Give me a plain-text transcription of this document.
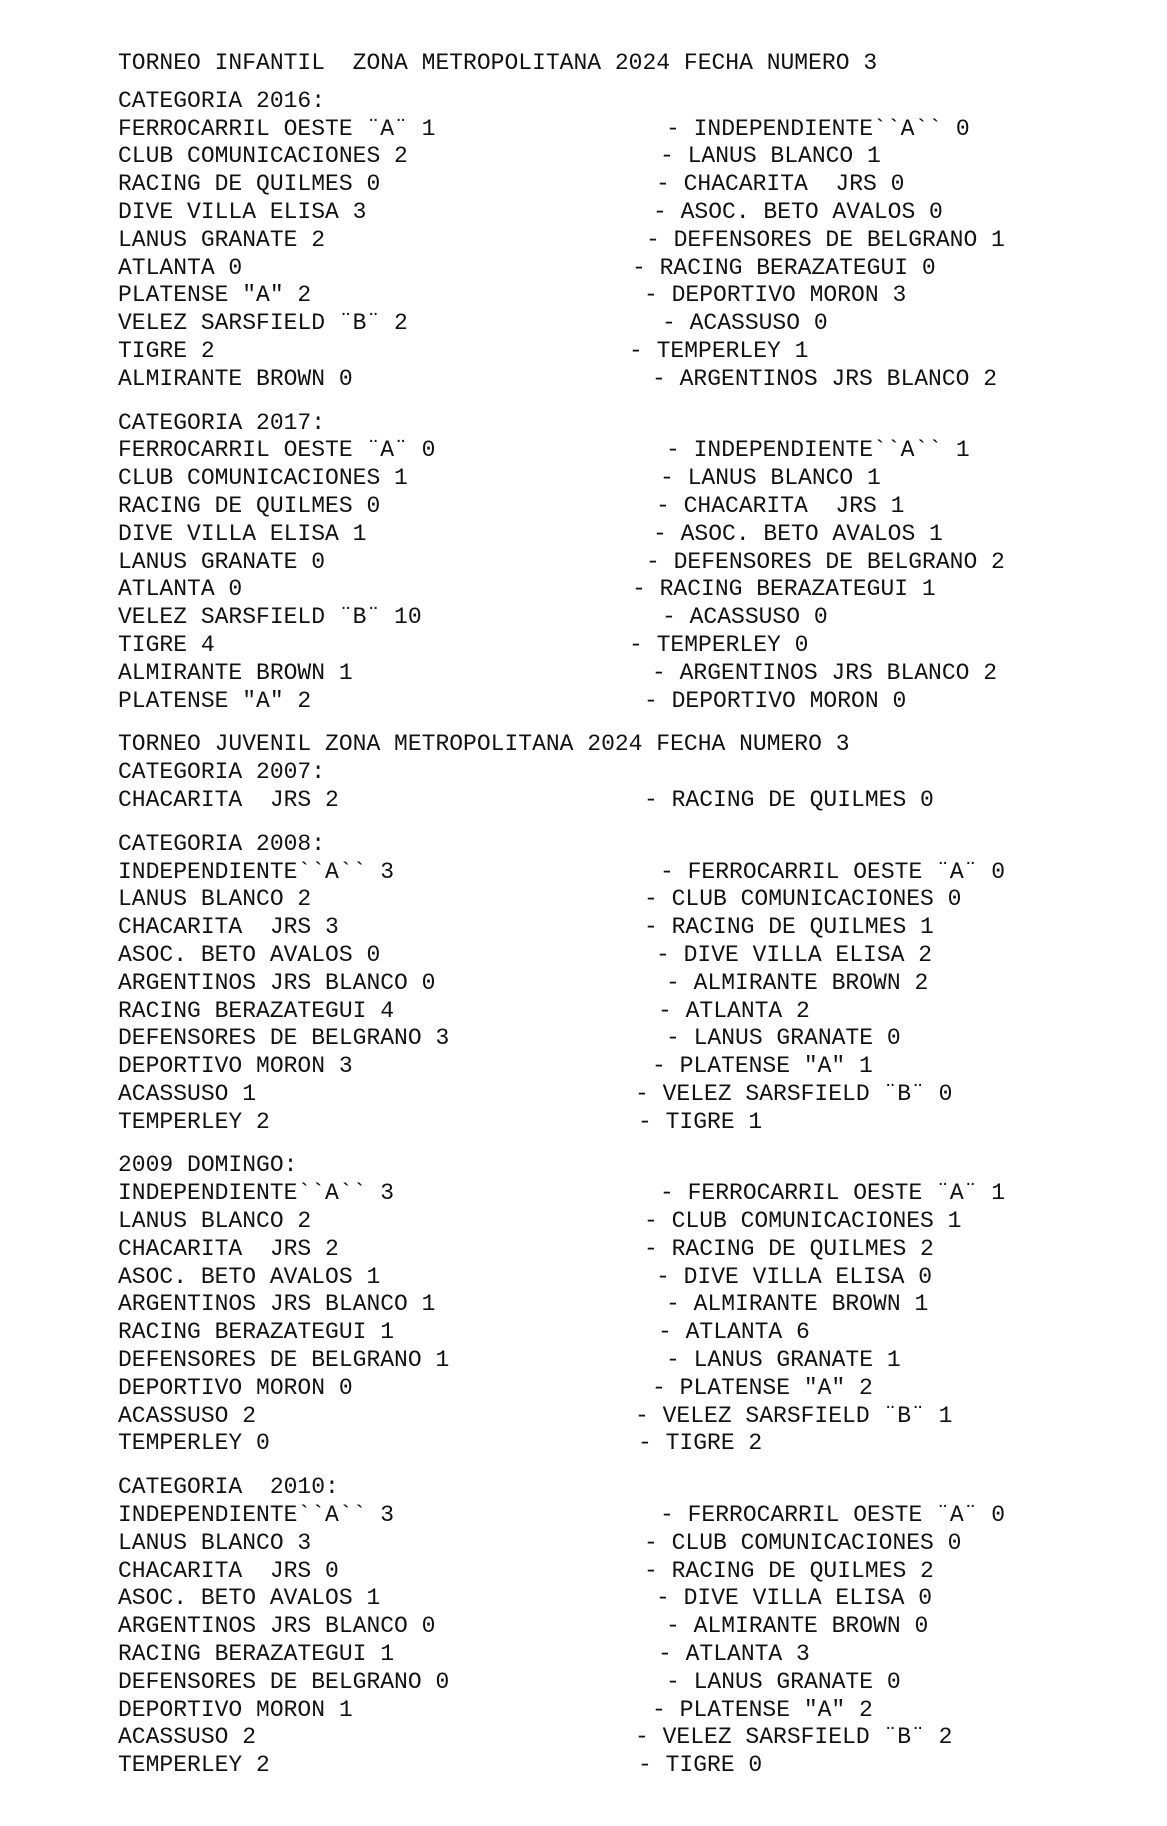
TORNEO INFANTIL  ZONA METROPOLITANA 2024 FECHA NUMERO 3
CATEGORIA 2016:
FERROCARRIL OESTE ¨A¨ 1	- INDEPENDIENTE``A`` 0
CLUB COMUNICACIONES 2	- LANUS BLANCO 1
RACING DE QUILMES 0	- CHACARITA  JRS 0
DIVE VILLA ELISA 3	- ASOC. BETO AVALOS 0
LANUS GRANATE 2	- DEFENSORES DE BELGRANO 1
ATLANTA 0	- RACING BERAZATEGUI 0
PLATENSE "A" 2	- DEPORTIVO MORON 3
VELEZ SARSFIELD ¨B¨ 2	- ACASSUSO 0
TIGRE 2	- TEMPERLEY 1
ALMIRANTE BROWN 0	- ARGENTINOS JRS BLANCO 2
CATEGORIA 2017:
FERROCARRIL OESTE ¨A¨ 0	- INDEPENDIENTE``A`` 1
CLUB COMUNICACIONES 1	- LANUS BLANCO 1
RACING DE QUILMES 0	- CHACARITA  JRS 1
DIVE VILLA ELISA 1	- ASOC. BETO AVALOS 1
LANUS GRANATE 0	- DEFENSORES DE BELGRANO 2
ATLANTA 0	- RACING BERAZATEGUI 1
VELEZ SARSFIELD ¨B¨ 10	- ACASSUSO 0
TIGRE 4	- TEMPERLEY 0
ALMIRANTE BROWN 1	- ARGENTINOS JRS BLANCO 2
PLATENSE "A" 2	- DEPORTIVO MORON 0
TORNEO JUVENIL ZONA METROPOLITANA 2024 FECHA NUMERO 3
CATEGORIA 2007:
CHACARITA  JRS 2	- RACING DE QUILMES 0
CATEGORIA 2008:
INDEPENDIENTE``A`` 3	- FERROCARRIL OESTE ¨A¨ 0
LANUS BLANCO 2	- CLUB COMUNICACIONES 0
CHACARITA  JRS 3	- RACING DE QUILMES 1
ASOC. BETO AVALOS 0	- DIVE VILLA ELISA 2
ARGENTINOS JRS BLANCO 0	- ALMIRANTE BROWN 2
RACING BERAZATEGUI 4	- ATLANTA 2
DEFENSORES DE BELGRANO 3	- LANUS GRANATE 0
DEPORTIVO MORON 3	- PLATENSE "A" 1
ACASSUSO 1	- VELEZ SARSFIELD ¨B¨ 0
TEMPERLEY 2	- TIGRE 1
2009 DOMINGO:
INDEPENDIENTE``A`` 3	- FERROCARRIL OESTE ¨A¨ 1
LANUS BLANCO 2	- CLUB COMUNICACIONES 1
CHACARITA  JRS 2	- RACING DE QUILMES 2
ASOC. BETO AVALOS 1	- DIVE VILLA ELISA 0
ARGENTINOS JRS BLANCO 1	- ALMIRANTE BROWN 1
RACING BERAZATEGUI 1	- ATLANTA 6
DEFENSORES DE BELGRANO 1	- LANUS GRANATE 1
DEPORTIVO MORON 0	- PLATENSE "A" 2
ACASSUSO 2	- VELEZ SARSFIELD ¨B¨ 1
TEMPERLEY 0	- TIGRE 2
CATEGORIA  2010:
INDEPENDIENTE``A`` 3	- FERROCARRIL OESTE ¨A¨ 0
LANUS BLANCO 3	- CLUB COMUNICACIONES 0
CHACARITA  JRS 0	- RACING DE QUILMES 2
ASOC. BETO AVALOS 1	- DIVE VILLA ELISA 0
ARGENTINOS JRS BLANCO 0	- ALMIRANTE BROWN 0
RACING BERAZATEGUI 1	- ATLANTA 3
DEFENSORES DE BELGRANO 0	- LANUS GRANATE 0
DEPORTIVO MORON 1	- PLATENSE "A" 2
ACASSUSO 2	- VELEZ SARSFIELD ¨B¨ 2
TEMPERLEY 2	- TIGRE 0
